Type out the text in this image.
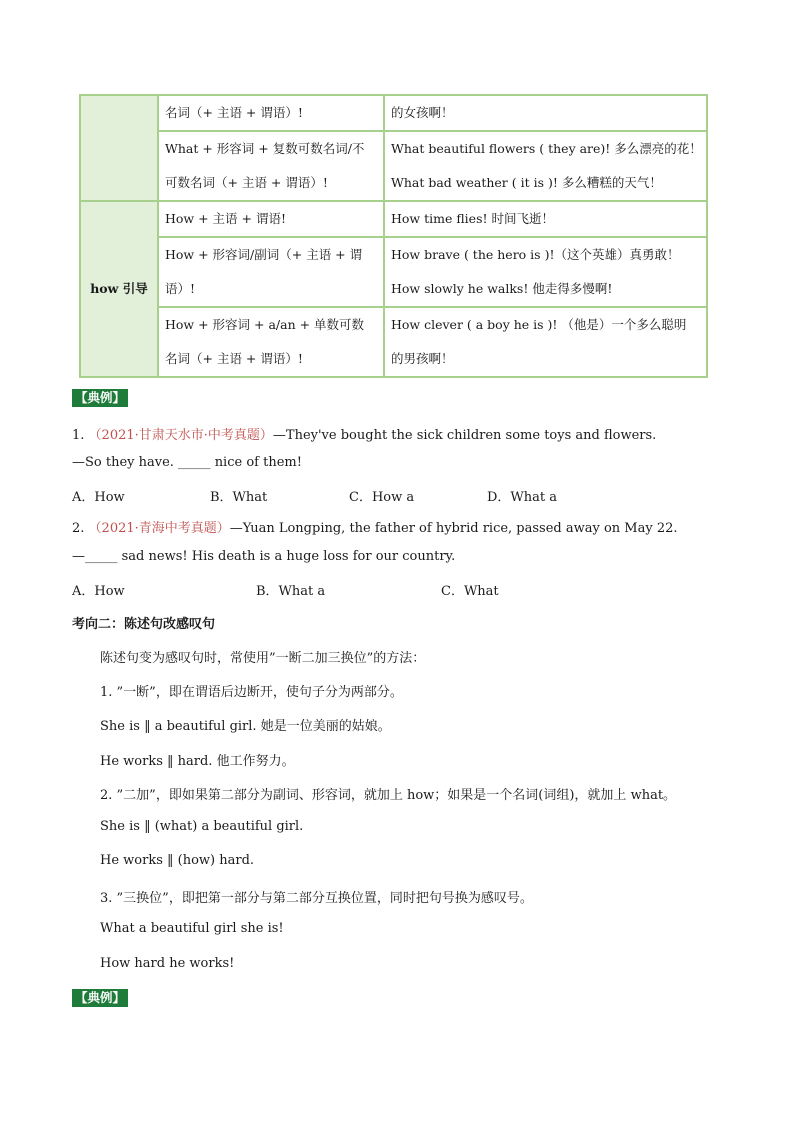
	名词（+ 主语 + 谓语）!	的女孩啊！

	What + 形容词 + 复数可数名词/不
可数名词（+ 主语 + 谓语）!	What beautiful flowers ( they are)! 多么漂亮的花！
What bad weather ( it is )! 多么糟糕的天气！

how 引导	How + 主语 + 谓语!	How time flies! 时间飞逝！

	How + 形容词/副词（+ 主语 + 谓
语）!	How brave ( the hero is )!（这个英雄）真勇敢！
How slowly he walks! 他走得多慢啊!

	How + 形容词 + a/an + 单数可数
名词（+ 主语 + 谓语）!	How clever ( a boy he is )! （他是）一个多么聪明
的男孩啊！
【典例】
1. （2021·甘肃天水市·中考真题）—They've bought the sick children some toys and flowers.
—So they have. _____ nice of them!
A．How	B．What	C．How a	D．What a
2. （2021·青海中考真题）—Yuan Longping, the father of hybrid rice, passed away on May 22.
—_____ sad news! His death is a huge loss for our country.
A．How	B．What a	C．What
考向二：陈述句改感叹句
陈述句变为感叹句时，常使用”一断二加三换位”的方法：
1. ”一断”，即在谓语后边断开，使句子分为两部分。
She is ‖ a beautiful girl. 她是一位美丽的姑娘。
He works ‖ hard. 他工作努力。
2. ”二加”，即如果第二部分为副词、形容词，就加上 how；如果是一个名词(词组)，就加上 what。
She is ‖ (what) a beautiful girl.
He works ‖ (how) hard.
3. ”三换位”，即把第一部分与第二部分互换位置，同时把句号换为感叹号。
What a beautiful girl she is!
How hard he works!
【典例】
